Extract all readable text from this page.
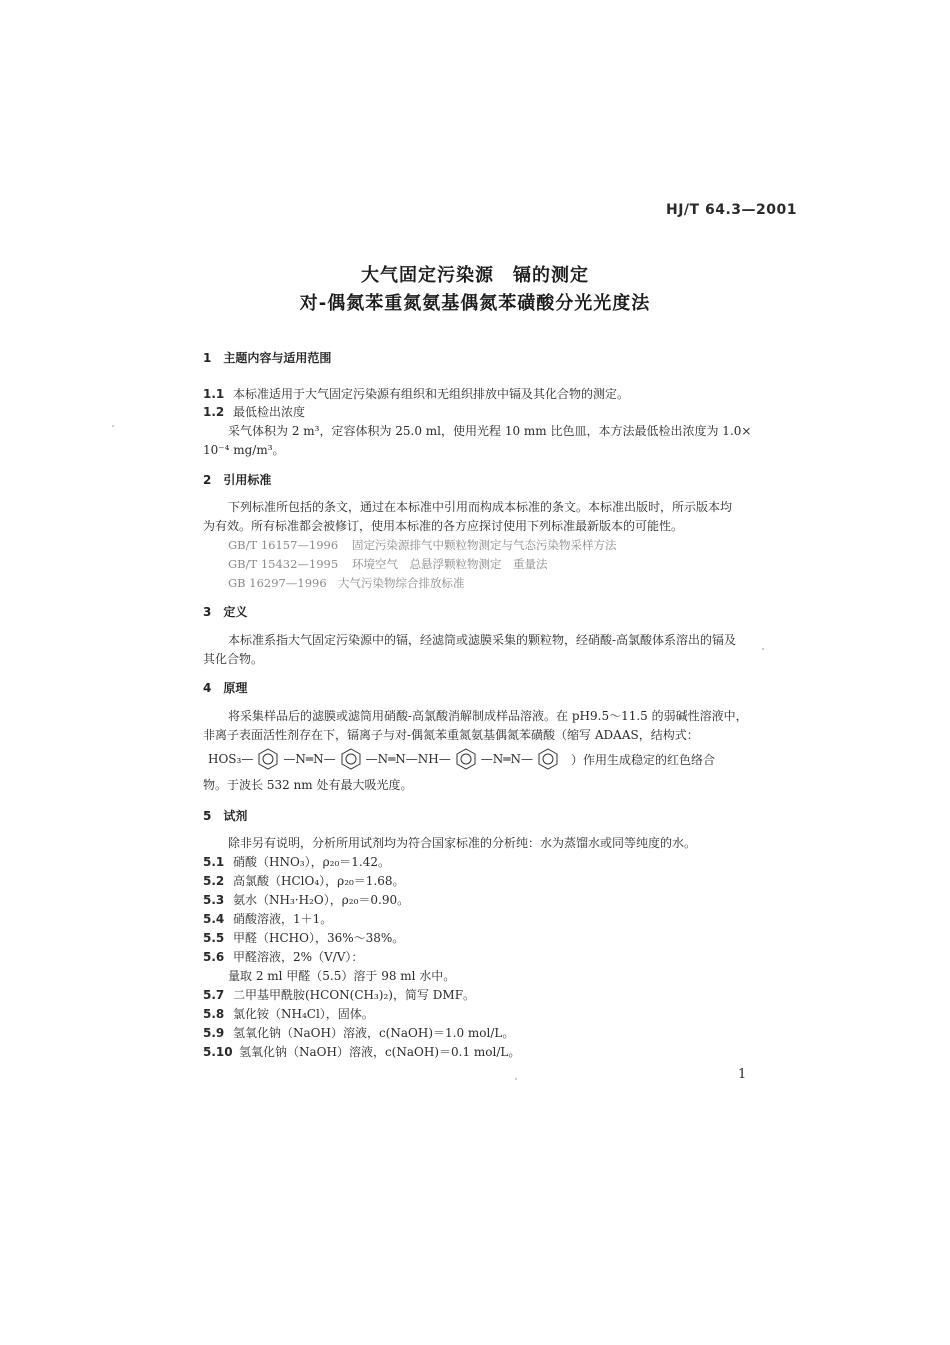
HJ/T 64.3—2001
大气固定污染源　镉的测定
对-偶氮苯重氮氨基偶氮苯磺酸分光光度法
1　主题内容与适用范围
1.1 本标准适用于大气固定污染源有组织和无组织排放中镉及其化合物的测定。
1.2 最低检出浓度
采气体积为 2 m³，定容体积为 25.0 ml，使用光程 10 mm 比色皿，本方法最低检出浓度为 1.0×
10⁻⁴ mg/m³。
2　引用标准
下列标准所包括的条文，通过在本标准中引用而构成本标准的条文。本标准出版时，所示版本均
为有效。所有标准都会被修订，使用本标准的各方应探讨使用下列标准最新版本的可能性。
GB/T 16157—1996 固定污染源排气中颗粒物测定与气态污染物采样方法
GB/T 15432—1995 环境空气　总悬浮颗粒物测定　重量法
GB 16297—1996 大气污染物综合排放标准
3　定义
本标准系指大气固定污染源中的镉，经滤筒或滤膜采集的颗粒物，经硝酸-高氯酸体系溶出的镉及
其化合物。
4　原理
将采集样品后的滤膜或滤筒用硝酸-高氯酸消解制成样品溶液。在 pH9.5～11.5 的弱碱性溶液中，
非离子表面活性剂存在下，镉离子与对-偶氮苯重氮氨基偶氮苯磺酸（缩写 ADAAS，结构式：
HOS₃—	—N═N—	—N═N—NH—	—N═N—	）作用生成稳定的红色络合
物。于波长 532 nm 处有最大吸光度。
5　试剂
除非另有说明，分析所用试剂均为符合国家标准的分析纯：水为蒸馏水或同等纯度的水。
5.1 硝酸（HNO₃），ρ₂₀＝1.42。
5.2 高氯酸（HClO₄），ρ₂₀＝1.68。
5.3 氨水（NH₃·H₂O），ρ₂₀＝0.90。
5.4 硝酸溶液，1＋1。
5.5 甲醛（HCHO），36%～38%。
5.6 甲醛溶液，2%（V/V）：
量取 2 ml 甲醛（5.5）溶于 98 ml 水中。
5.7 二甲基甲酰胺(HCON(CH₃)₂)，简写 DMF。
5.8 氯化铵（NH₄Cl），固体。
5.9 氢氧化钠（NaOH）溶液，c(NaOH)＝1.0 mol/L。
5.10 氢氧化钠（NaOH）溶液，c(NaOH)＝0.1 mol/L。
1
